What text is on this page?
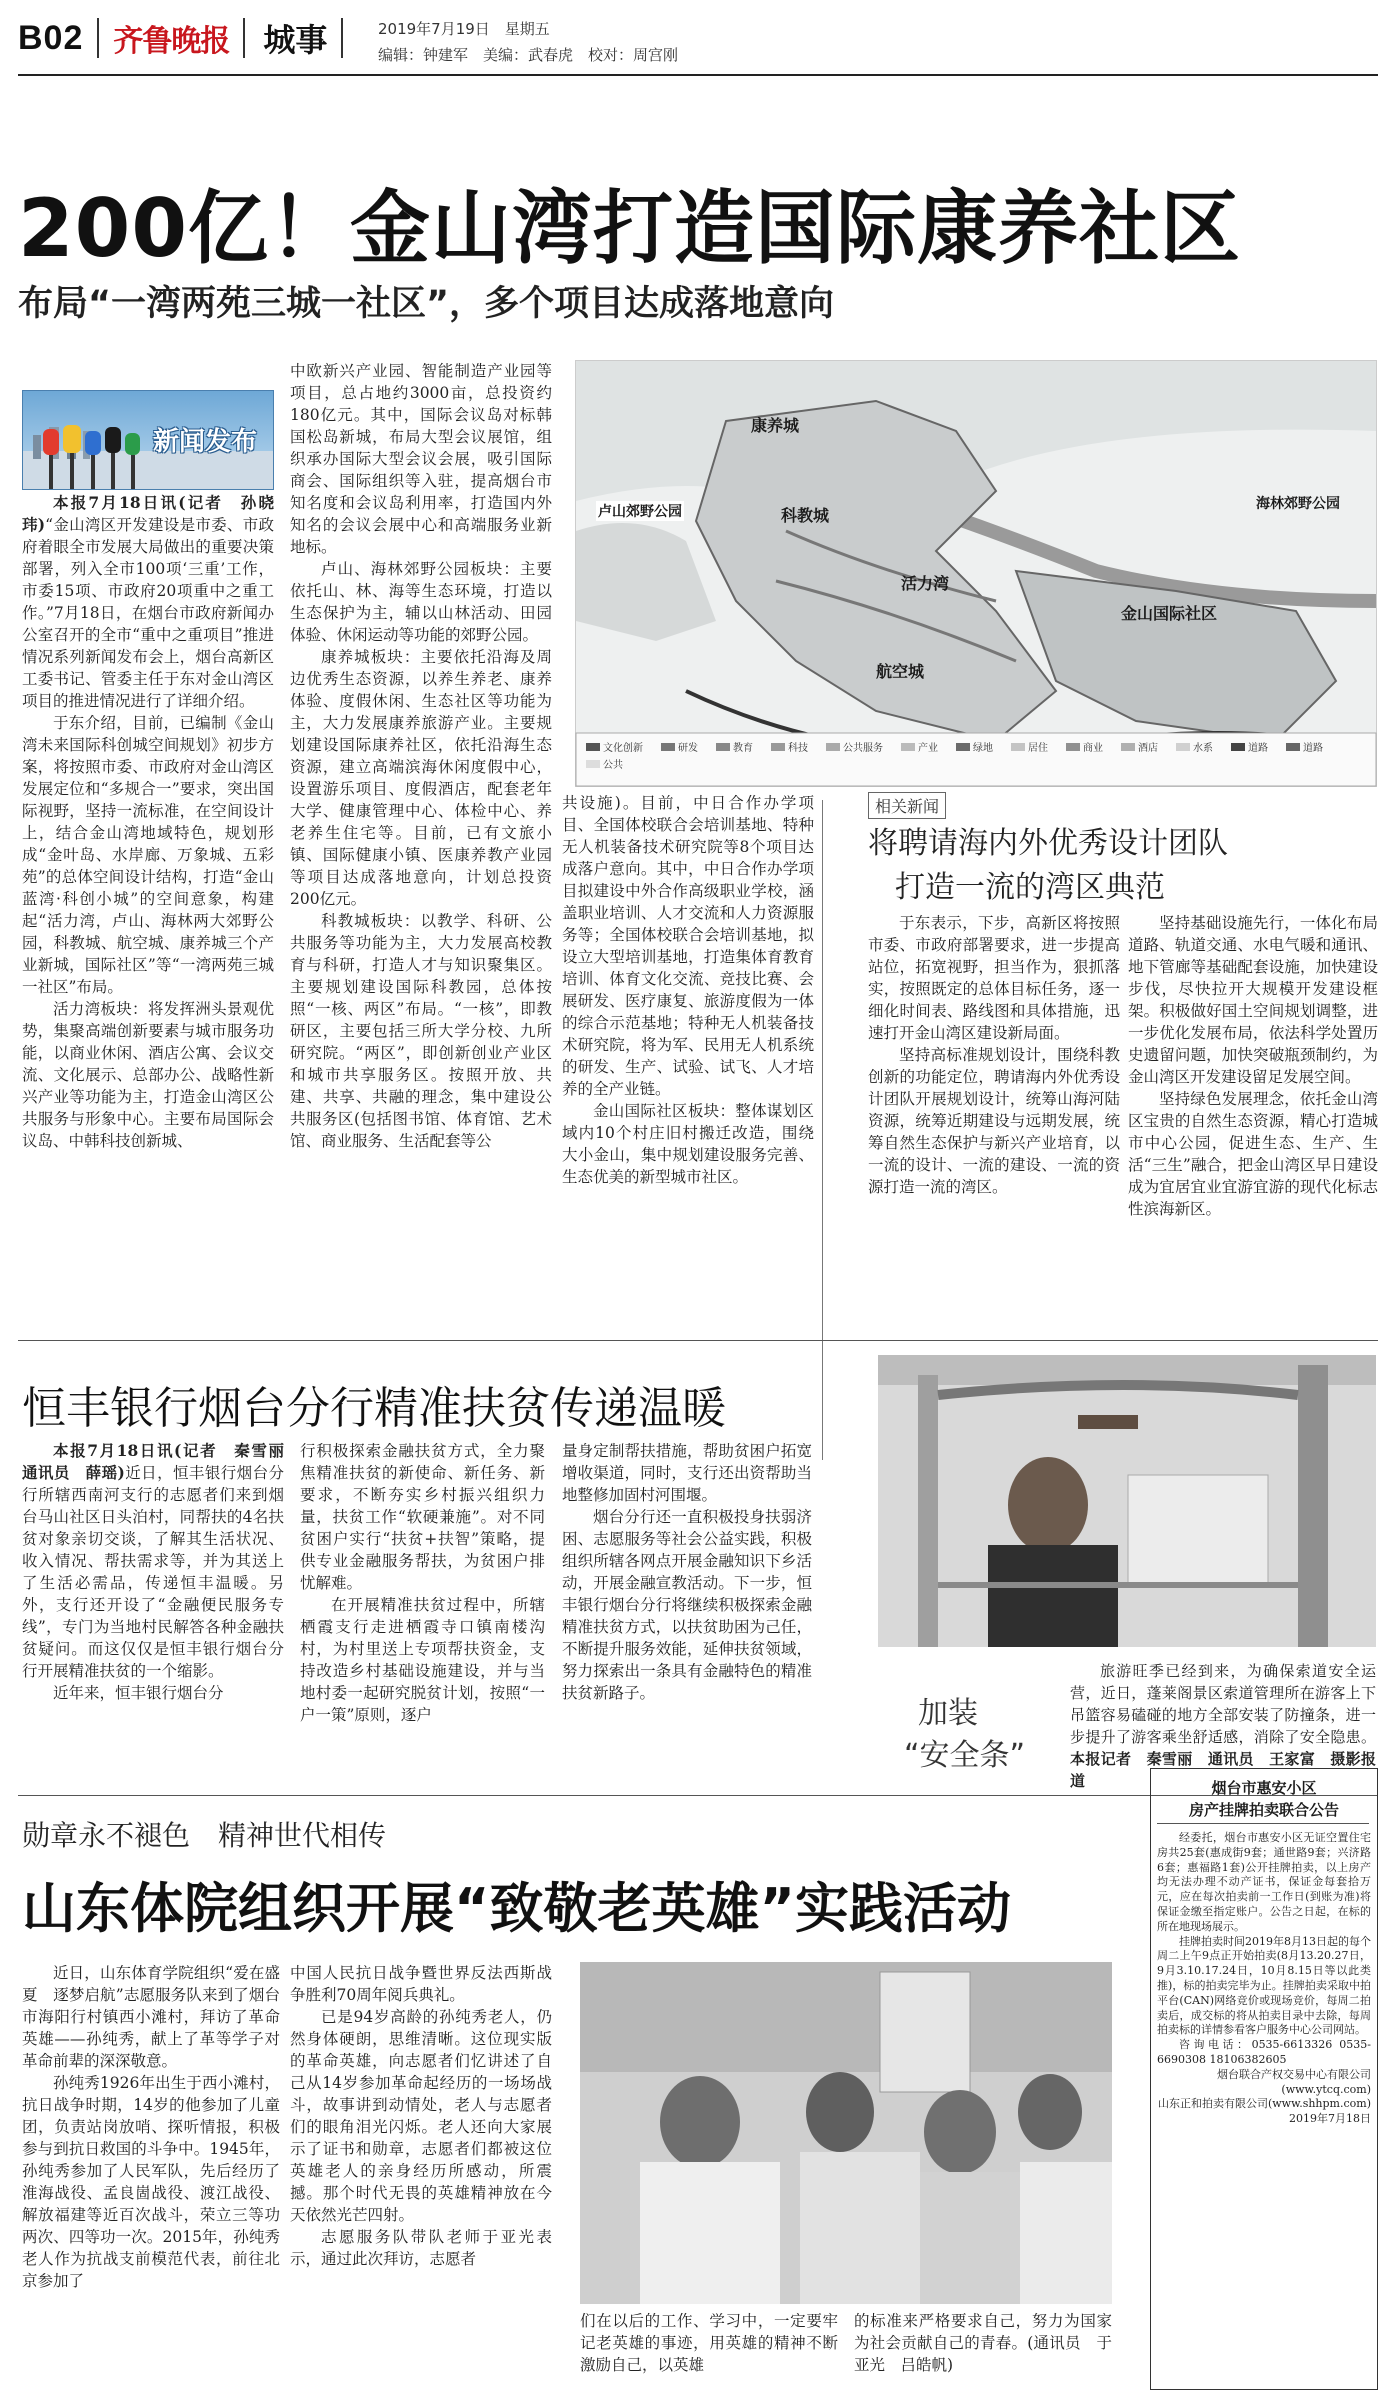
B02 齐鲁晚报 城事	2019年7月19日　星期五
编辑：钟建军　美编：武春虎　校对：周宫刚
200亿！金山湾打造国际康养社区
布局“一湾两苑三城一社区”，多个项目达成落地意向
新闻发布

本报7月18日讯(记者　孙晓玮)“金山湾区开发建设是市委、市政府着眼全市发展大局做出的重要决策部署，列入全市100项‘三重’工作，市委15项、市政府20项重中之重工作。”7月18日，在烟台市政府新闻办公室召开的全市“重中之重项目”推进情况系列新闻发布会上，烟台高新区工委书记、管委主任于东对金山湾区项目的推进情况进行了详细介绍。

于东介绍，目前，已编制《金山湾未来国际科创城空间规划》初步方案，将按照市委、市政府对金山湾区发展定位和“多规合一”要求，突出国际视野，坚持一流标准，在空间设计上，结合金山湾地域特色，规划形成“金叶岛、水岸廊、万象城、五彩苑”的总体空间设计结构，打造“金山蓝湾·科创小城”的空间意象，构建起“活力湾，卢山、海林两大郊野公园，科教城、航空城、康养城三个产业新城，国际社区”等“一湾两苑三城一社区”布局。

活力湾板块：将发挥洲头景观优势，集聚高端创新要素与城市服务功能，以商业休闲、酒店公寓、会议交流、文化展示、总部办公、战略性新兴产业等功能为主，打造金山湾区公共服务与形象中心。主要布局国际会议岛、中韩科技创新城、

中欧新兴产业园、智能制造产业园等项目，总占地约3000亩，总投资约180亿元。其中，国际会议岛对标韩国松岛新城，布局大型会议展馆，组织承办国际大型会议会展，吸引国际商会、国际组织等入驻，提高烟台市知名度和会议岛利用率，打造国内外知名的会议会展中心和高端服务业新地标。

卢山、海林郊野公园板块：主要依托山、林、海等生态环境，打造以生态保护为主，辅以山林活动、田园体验、休闲运动等功能的郊野公园。

康养城板块：主要依托沿海及周边优秀生态资源，以养生养老、康养体验、度假休闲、生态社区等功能为主，大力发展康养旅游产业。主要规划建设国际康养社区，依托沿海生态资源，建立高端滨海休闲度假中心，设置游乐项目、度假酒店，配套老年大学、健康管理中心、体检中心、养老养生住宅等。目前，已有文旅小镇、国际健康小镇、医康养教产业园等项目达成落地意向，计划总投资200亿元。

科教城板块：以教学、科研、公共服务等功能为主，大力发展高校教育与科研，打造人才与知识聚集区。主要规划建设国际科教园，总体按照“一核、两区”布局。“一核”，即教研区，主要包括三所大学分校、九所研究院。“两区”，即创新创业产业区和城市共享服务区。按照开放、共建、共享、共融的理念，集中建设公共服务区(包括图书馆、体育馆、艺术馆、商业服务、生活配套等公

共设施)。目前，中日合作办学项目、全国体校联合会培训基地、特种无人机装备技术研究院等8个项目达成落户意向。其中，中日合作办学项目拟建设中外合作高级职业学校，涵盖职业培训、人才交流和人力资源服务等；全国体校联合会培训基地，拟设立大型培训基地，打造集体育教育培训、体育文化交流、竞技比赛、会展研发、医疗康复、旅游度假为一体的综合示范基地；特种无人机装备技术研究院，将为军、民用无人机系统的研发、生产、试验、试飞、人才培养的全产业链。

金山国际社区板块：整体谋划区域内10个村庄旧村搬迁改造，围绕大小金山，集中规划建设服务完善、生态优美的新型城市社区。

康养城
卢山郊野公园	科教城
海林郊野公园
活力湾
金山国际社区
航空城
文化创新	研发	教育	科技	公共服务	产业	绿地	居住	商业	酒店	水系	道路	道路
公共
相关新闻
将聘请海内外优秀设计团队
打造一流的湾区典范

于东表示，下步，高新区将按照市委、市政府部署要求，进一步提高站位，拓宽视野，担当作为，狠抓落实，按照既定的总体目标任务，逐一细化时间表、路线图和具体措施，迅速打开金山湾区建设新局面。

坚持高标准规划设计，围绕科教创新的功能定位，聘请海内外优秀设计团队开展规划设计，统筹山海河陆资源，统筹近期建设与远期发展，统筹自然生态保护与新兴产业培育，以一流的设计、一流的建设、一流的资源打造一流的湾区。

坚持基础设施先行，一体化布局道路、轨道交通、水电气暖和通讯、地下管廊等基础配套设施，加快建设步伐，尽快拉开大规模开发建设框架。积极做好国土空间规划调整，进一步优化发展布局，依法科学处置历史遗留问题，加快突破瓶颈制约，为金山湾区开发建设留足发展空间。

坚持绿色发展理念，依托金山湾区宝贵的自然生态资源，精心打造城市中心公园，促进生态、生产、生活“三生”融合，把金山湾区早日建设成为宜居宜业宜游宜游的现代化标志性滨海新区。

恒丰银行烟台分行精准扶贫传递温暖

本报7月18日讯(记者　秦雪丽　通讯员　薛瑶)近日，恒丰银行烟台分行所辖西南河支行的志愿者们来到烟台马山社区日头泊村，同帮扶的4名扶贫对象亲切交谈，了解其生活状况、收入情况、帮扶需求等，并为其送上了生活必需品，传递恒丰温暖。另外，支行还开设了“金融便民服务专线”，专门为当地村民解答各种金融扶贫疑问。而这仅仅是恒丰银行烟台分行开展精准扶贫的一个缩影。

近年来，恒丰银行烟台分

行积极探索金融扶贫方式，全力聚焦精准扶贫的新使命、新任务、新要求，不断夯实乡村振兴组织力量，扶贫工作“软硬兼施”。对不同贫困户实行“扶贫+扶智”策略，提供专业金融服务帮扶，为贫困户排忧解难。

在开展精准扶贫过程中，所辖栖霞支行走进栖霞寺口镇南楼沟村，为村里送上专项帮扶资金，支持改造乡村基础设施建设，并与当地村委一起研究脱贫计划，按照“一户一策”原则，逐户

量身定制帮扶措施，帮助贫困户拓宽增收渠道，同时，支行还出资帮助当地整修加固村河围堰。

烟台分行还一直积极投身扶弱济困、志愿服务等社会公益实践，积极组织所辖各网点开展金融知识下乡活动，开展金融宣教活动。下一步，恒丰银行烟台分行将继续积极探索金融精准扶贫方式，以扶贫助困为己任，不断提升服务效能，延伸扶贫领域，努力探索出一条具有金融特色的精准扶贫新路子。

加装
“安全条”

旅游旺季已经到来，为确保索道安全运营，近日，蓬莱阁景区索道管理所在游客上下吊篮容易磕碰的地方全部安装了防撞条，进一步提升了游客乘坐舒适感，消除了安全隐患。本报记者　秦雪丽　通讯员　王家富　摄影报道

勋章永不褪色　精神世代相传
山东体院组织开展“致敬老英雄”实践活动

近日，山东体育学院组织“爱在盛夏　逐梦启航”志愿服务队来到了烟台市海阳行村镇西小滩村，拜访了革命英雄——孙纯秀，献上了革等学子对革命前辈的深深敬意。

孙纯秀1926年出生于西小滩村，抗日战争时期，14岁的他参加了儿童团，负责站岗放哨、探听情报，积极参与到抗日救国的斗争中。1945年，孙纯秀参加了人民军队，先后经历了淮海战役、孟良崮战役、渡江战役、解放福建等近百次战斗，荣立三等功两次、四等功一次。2015年，孙纯秀老人作为抗战支前模范代表，前往北京参加了

中国人民抗日战争暨世界反法西斯战争胜利70周年阅兵典礼。

已是94岁高龄的孙纯秀老人，仍然身体硬朗，思维清晰。这位现实版的革命英雄，向志愿者们忆讲述了自己从14岁参加革命起经历的一场场战斗，故事讲到动情处，老人与志愿者们的眼角泪光闪烁。老人还向大家展示了证书和勋章，志愿者们都被这位英雄老人的亲身经历所感动，所震撼。那个时代无畏的英雄精神放在今天依然光芒四射。

志愿服务队带队老师于亚光表示，通过此次拜访，志愿者

们在以后的工作、学习中，一定要牢记老英雄的事迹，用英雄的精神不断激励自己，以英雄

的标准来严格要求自己，努力为国家为社会贡献自己的青春。(通讯员　于亚光　吕皓帆)

烟台市惠安小区
房产挂牌拍卖联合公告

经委托，烟台市惠安小区无证空置住宅房共25套(惠成街9套；通世路9套；兴济路6套；惠福路1套)公开挂牌拍卖，以上房产均无法办理不动产证书，保证金每套拾万元，应在每次拍卖前一工作日(到账为准)将保证金缴至指定账户。公告之日起，在标的所在地现场展示。

挂牌拍卖时间2019年8月13日起的每个周二上午9点正开始拍卖(8月13.20.27日，9月3.10.17.24日，10月8.15日等以此类推)，标的拍卖完毕为止。挂牌拍卖采取中拍平台(CAN)网络竞价或现场竞价，每周二拍卖后，成交标的将从拍卖目录中去除，每周拍卖标的详情参看客户服务中心公司网站。

咨询电话：0535-6613326 0535-6690308 18106382605

烟台联合产权交易中心有限公司(www.ytcq.com)

山东正和拍卖有限公司(www.shhpm.com)

2019年7月18日
